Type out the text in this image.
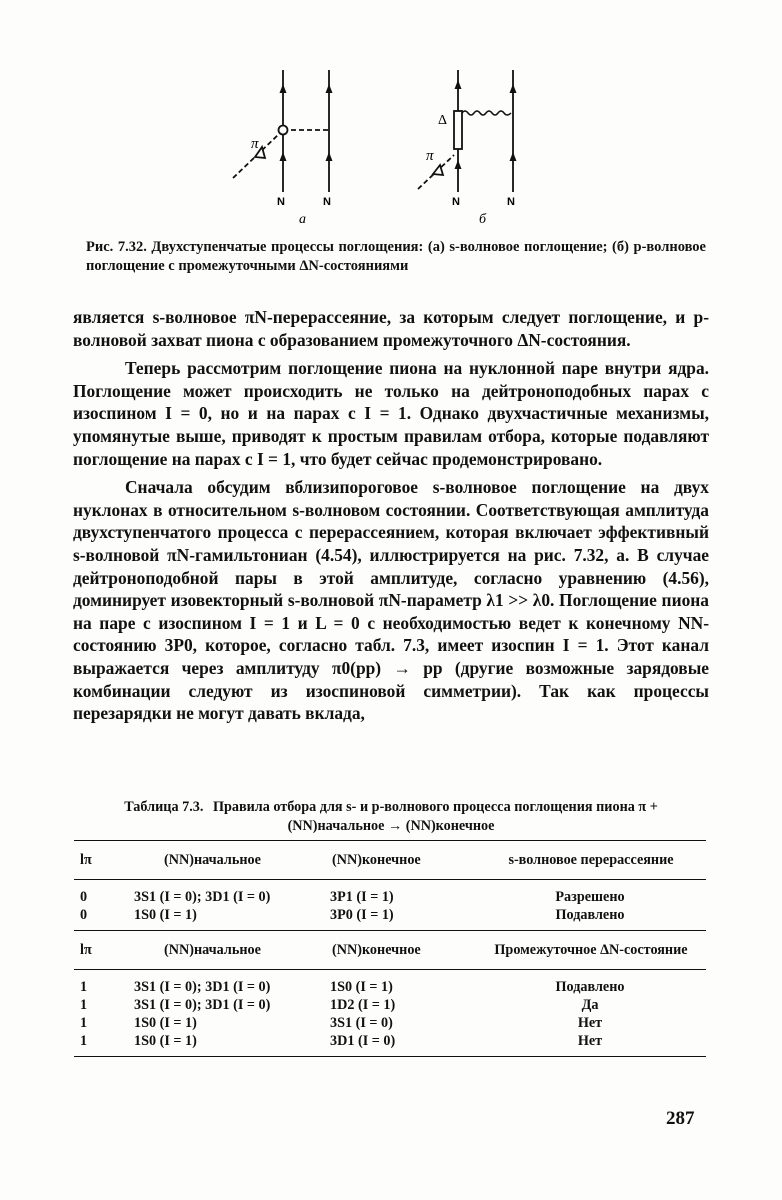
π
N	N
a
Δ
π
N	N
б
Рис. 7.32. Двухступенчатые процессы поглощения: (а) s-волновое поглощение; (б) p-волновое поглощение с промежуточными ΔN-состояниями

является s-волновое πN-перерассеяние, за которым следует поглощение, и p-волновой захват пиона с образованием промежуточного ΔN-состояния.

Теперь рассмотрим поглощение пиона на нуклонной паре внутри ядра. Поглощение может происходить не только на дейтроноподобных парах с изоспином I = 0, но и на парах с I = 1. Однако двухчастичные механизмы, упомянутые выше, приводят к простым правилам отбора, которые подавляют поглощение на парах с I = 1, что будет сейчас продемонстрировано.

Сначала обсудим вблизипороговое s-волновое поглощение на двух нуклонах в относительном s-волновом состоянии. Соответствующая амплитуда двухступенчатого процесса с перерассеянием, которая включает эффективный s-волновой πN-гамильтониан (4.54), иллюстрируется на рис. 7.32, а. В случае дейтроноподобной пары в этой амплитуде, согласно уравнению (4.56), доминирует изовекторный s-волновой πN-параметр λ1 >> λ0. Поглощение пиона на паре с изоспином I = 1 и L = 0 с необходимостью ведет к конечному NN-состоянию 3P0, которое, согласно табл. 7.3, имеет изоспин I = 1. Этот канал выражается через амплитуду π0(pp) → pp (другие возможные зарядовые комбинации следуют из изоспиновой симметрии). Так как процессы перезарядки не могут давать вклада,

Таблица 7.3. Правила отбора для s- и p-волнового процесса поглощения пиона π + (NN)начальное → (NN)конечное
lπ	(NN)начальное	(NN)конечное	s-волновое перерассеяние
0	3S1 (I = 0); 3D1 (I = 0)	3P1 (I = 1)	Разрешено
0	1S0 (I = 1)	3P0 (I = 1)	Подавлено
lπ	(NN)начальное	(NN)конечное	Промежуточное ΔN-состояние
1	3S1 (I = 0); 3D1 (I = 0)	1S0 (I = 1)	Подавлено
1	3S1 (I = 0); 3D1 (I = 0)	1D2 (I = 1)	Да
1	1S0 (I = 1)	3S1 (I = 0)	Нет
1	1S0 (I = 1)	3D1 (I = 0)	Нет
287
